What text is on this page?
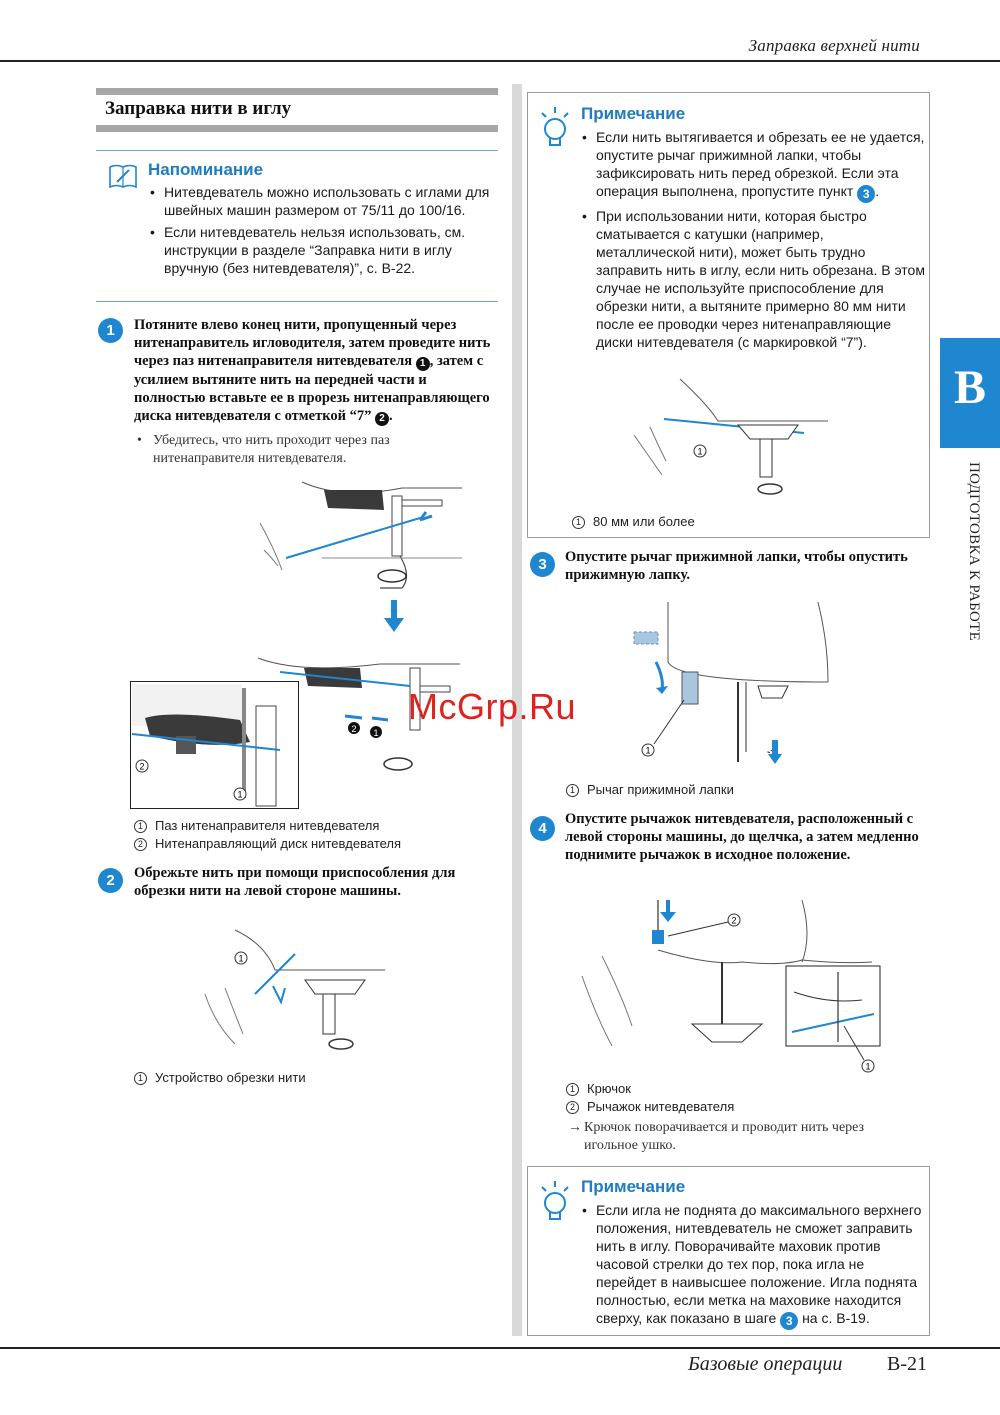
Заправка верхней нити
Заправка нити в иглу
Напоминание
• Нитевдеватель можно использовать с иглами для швейных машин размером от 75/11 до 100/16.
• Если нитевдеватель нельзя использовать, см. инструкции в разделе “Заправка нити в иглу вручную (без нитевдевателя)”, с. B-22.
1	Потяните влево конец нити, пропущенный через нитенаправитель игловодителя, затем проведите нить через паз нитенаправителя нитевдевателя 1 , затем с усилием вытяните нить на передней части и полностью вставьте ее в прорезь нитенаправляющего диска нитевдевателя с отметкой “7” 2 .
• Убедитесь, что нить проходит через паз нитенаправителя нитевдевателя.
2 1
2
1
1 Паз нитенаправителя нитевдевателя
2 Нитенаправляющий диск нитевдевателя
2	Обрежьте нить при помощи приспособления для обрезки нити на левой стороне машины.
1
1 Устройство обрезки нити
Примечание
• Если нить вытягивается и обрезать ее не удается, опустите рычаг прижимной лапки, чтобы зафиксировать нить перед обрезкой. Если эта операция выполнена, пропустите пункт 3 .
• При использовании нити, которая быстро сматывается с катушки (например, металлической нити), может быть трудно заправить нить в иглу, если нить обрезана. В этом случае не используйте приспособление для обрезки нити, а вытяните примерно 80 мм нити после ее проводки через нитенаправляющие диски нитевдевателя (с маркировкой “7”).
1
1 80 мм или более
3	Опустите рычаг прижимной лапки, чтобы опустить прижимную лапку.
1
1 Рычаг прижимной лапки
4
Опустите рычажок нитевдевателя, расположенный с левой стороны машины, до щелчка, а затем медленно поднимите рычажок в исходное положение.
2
1
1 Крючок
2 Рычажок нитевдевателя
→ Крючок поворачивается и проводит нить через игольное ушко.
Примечание
• Если игла не поднята до максимального верхнего положения, нитевдеватель не сможет заправить нить в иглу. Поворачивайте маховик против часовой стрелки до тех пор, пока игла не перейдет в наивысшее положение. Игла поднята полностью, если метка на маховике находится сверху, как показано в шаге 3 на с. B-19.
B
ПОДГОТОВКА К РАБОТЕ
McGrp.Ru
Базовые операции B-21
